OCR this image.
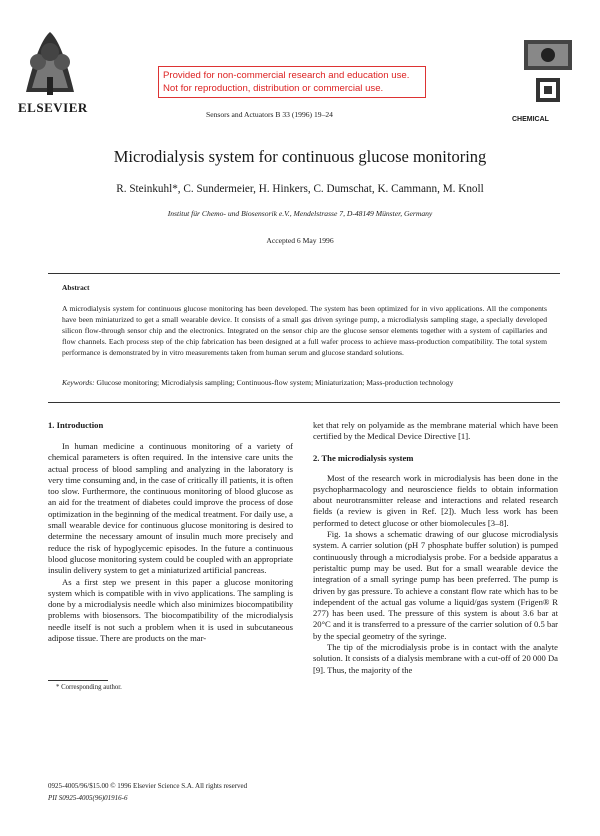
ELSEVIER
Provided for non-commercial research and education use.
Not for reproduction, distribution or commercial use.
Sensors and Actuators B 33 (1996) 19–24
CHEMICAL
Microdialysis system for continuous glucose monitoring
R. Steinkuhl*, C. Sundermeier, H. Hinkers, C. Dumschat, K. Cammann, M. Knoll
Institut für Chemo- und Biosensorik e.V., Mendelstrasse 7, D-48149 Münster, Germany
Accepted 6 May 1996
Abstract
A microdialysis system for continuous glucose monitoring has been developed. The system has been optimized for in vivo applications. All the components have been miniaturized to get a small wearable device. It consists of a small gas driven syringe pump, a microdialysis sampling stage, a specially developed silicon flow-through sensor chip and the electronics. Integrated on the sensor chip are the glucose sensor elements together with a system of capillaries and flow channels. Each process step of the chip fabrication has been designed at a full wafer process to achieve mass-production compatibility. The total system performance is demonstrated by in vitro measurements taken from human serum and glucose standard solutions.
Keywords: Glucose monitoring; Microdialysis sampling; Continuous-flow system; Miniaturization; Mass-production technology
1. Introduction

In human medicine a continuous monitoring of a variety of chemical parameters is often required. In the intensive care units the actual process of blood sampling and analyzing in the laboratory is very time consuming and, in the case of critically ill patients, it is often too slow. Furthermore, the continuous monitoring of blood glucose as an aid for the treatment of diabetes could improve the process of dose optimization in the beginning of the medical treatment. For daily use, a small wearable device for continuous glucose monitoring is desired to determine the necessary amount of insulin much more precisely and reduce the risk of hypoglycemic episodes. In the future a continuous blood glucose monitoring system could be coupled with an appropriate insulin delivery system to get a miniaturized artificial pancreas.

As a first step we present in this paper a glucose monitoring system which is compatible with in vivo applications. The sampling is done by a microdialysis needle which also minimizes biocompatibility problems with biosensors. The biocompatibility of the microdialysis needle itself is not such a problem when it is used in subcutaneous adipose tissue. There are products on the mar-

ket that rely on polyamide as the membrane material which have been certified by the Medical Device Directive [1].

2. The microdialysis system

Most of the research work in microdialysis has been done in the psychopharmacology and neuroscience fields to obtain information about neurotransmitter release and interactions and related research fields (a review is given in Ref. [2]). Much less work has been performed to detect glucose or other biomolecules [3–8].

Fig. 1a shows a schematic drawing of our glucose microdialysis system. A carrier solution (pH 7 phosphate buffer solution) is pumped continuously through a microdialysis probe. For a bedside apparatus a peristaltic pump may be used. But for a small wearable device the integration of a small syringe pump has been preferred. The pump is driven by gas pressure. To achieve a constant flow rate which has to be independent of the actual gas volume a liquid/gas system (Frigen® R 277) has been used. The pressure of this system is about 3.6 bar at 20°C and it is transferred to a pressure of the carrier solution of 0.5 bar by the special geometry of the syringe.

The tip of the microdialysis probe is in contact with the analyte solution. It consists of a dialysis membrane with a cut-off of 20 000 Da [9]. Thus, the majority of the

* Corresponding author.
0925-4005/96/$15.00 © 1996 Elsevier Science S.A. All rights reserved
PII S0925-4005(96)01916-6
